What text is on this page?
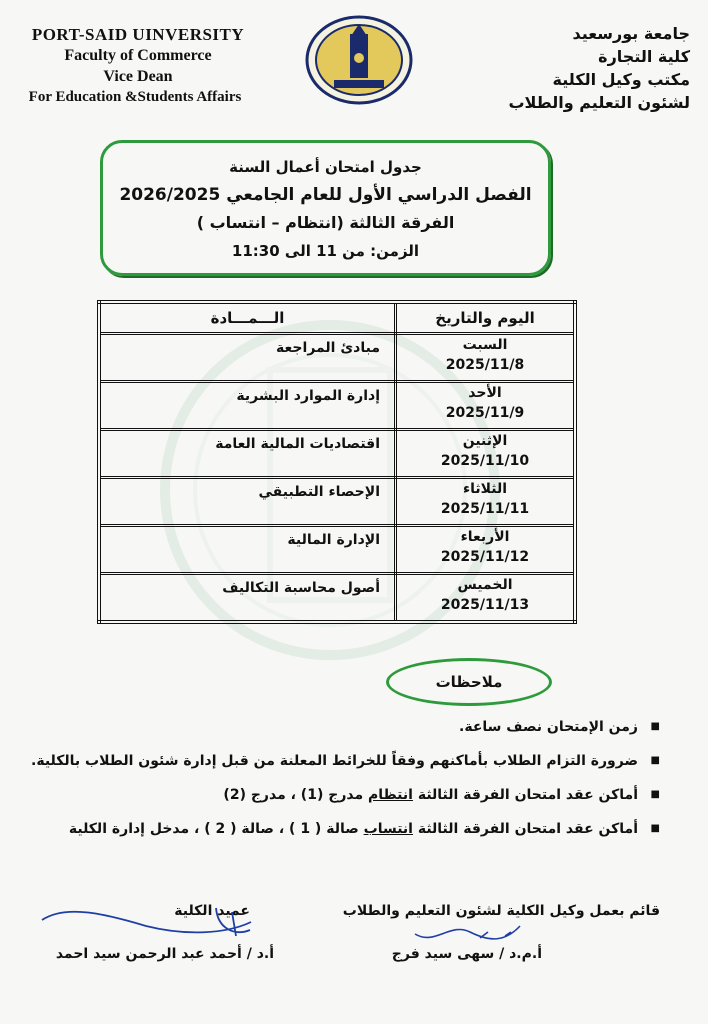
PORT-SAID UINVERSITY
Faculty of Commerce
Vice Dean
For Education &Students Affairs
جامعة بورسعيد
كلية التجارة
مكتب وكيل الكلية
لشئون التعليم والطلاب
جدول امتحان أعمال السنة
الفصل الدراسي الأول للعام الجامعي 2026/2025
الفرقة الثالثة (انتظام – انتساب )
الزمن: من 11 الى 11:30
اليوم والتاريخ	الـــمـــادة

السبت
2025/11/8	مبادئ المراجعة

الأحد
2025/11/9	إدارة الموارد البشرية

الإثنين
2025/11/10	اقتصاديات المالية العامة

الثلاثاء
2025/11/11	الإحصاء التطبيقي

الأربعاء
2025/11/12	الإدارة المالية

الخميس
2025/11/13	أصول محاسبة التكاليف
ملاحظات
■ زمن الإمتحان نصف ساعة.
■ ضرورة التزام الطلاب بأماكنهم وفقاً للخرائط المعلنة من قبل إدارة شئون الطلاب بالكلية.
■ أماكن عقد امتحان الفرقة الثالثة انتظام مدرج (1) ، مدرج (2)
■ أماكن عقد امتحان الفرقة الثالثة انتساب صالة ( 1 ) ، صالة ( 2 ) ، مدخل إدارة الكلية
قائم بعمل وكيل الكلية لشئون التعليم والطلاب
أ.م.د / سهى سيد فرج
عميد الكلية
أ.د / أحمد عبد الرحمن سيد احمد
